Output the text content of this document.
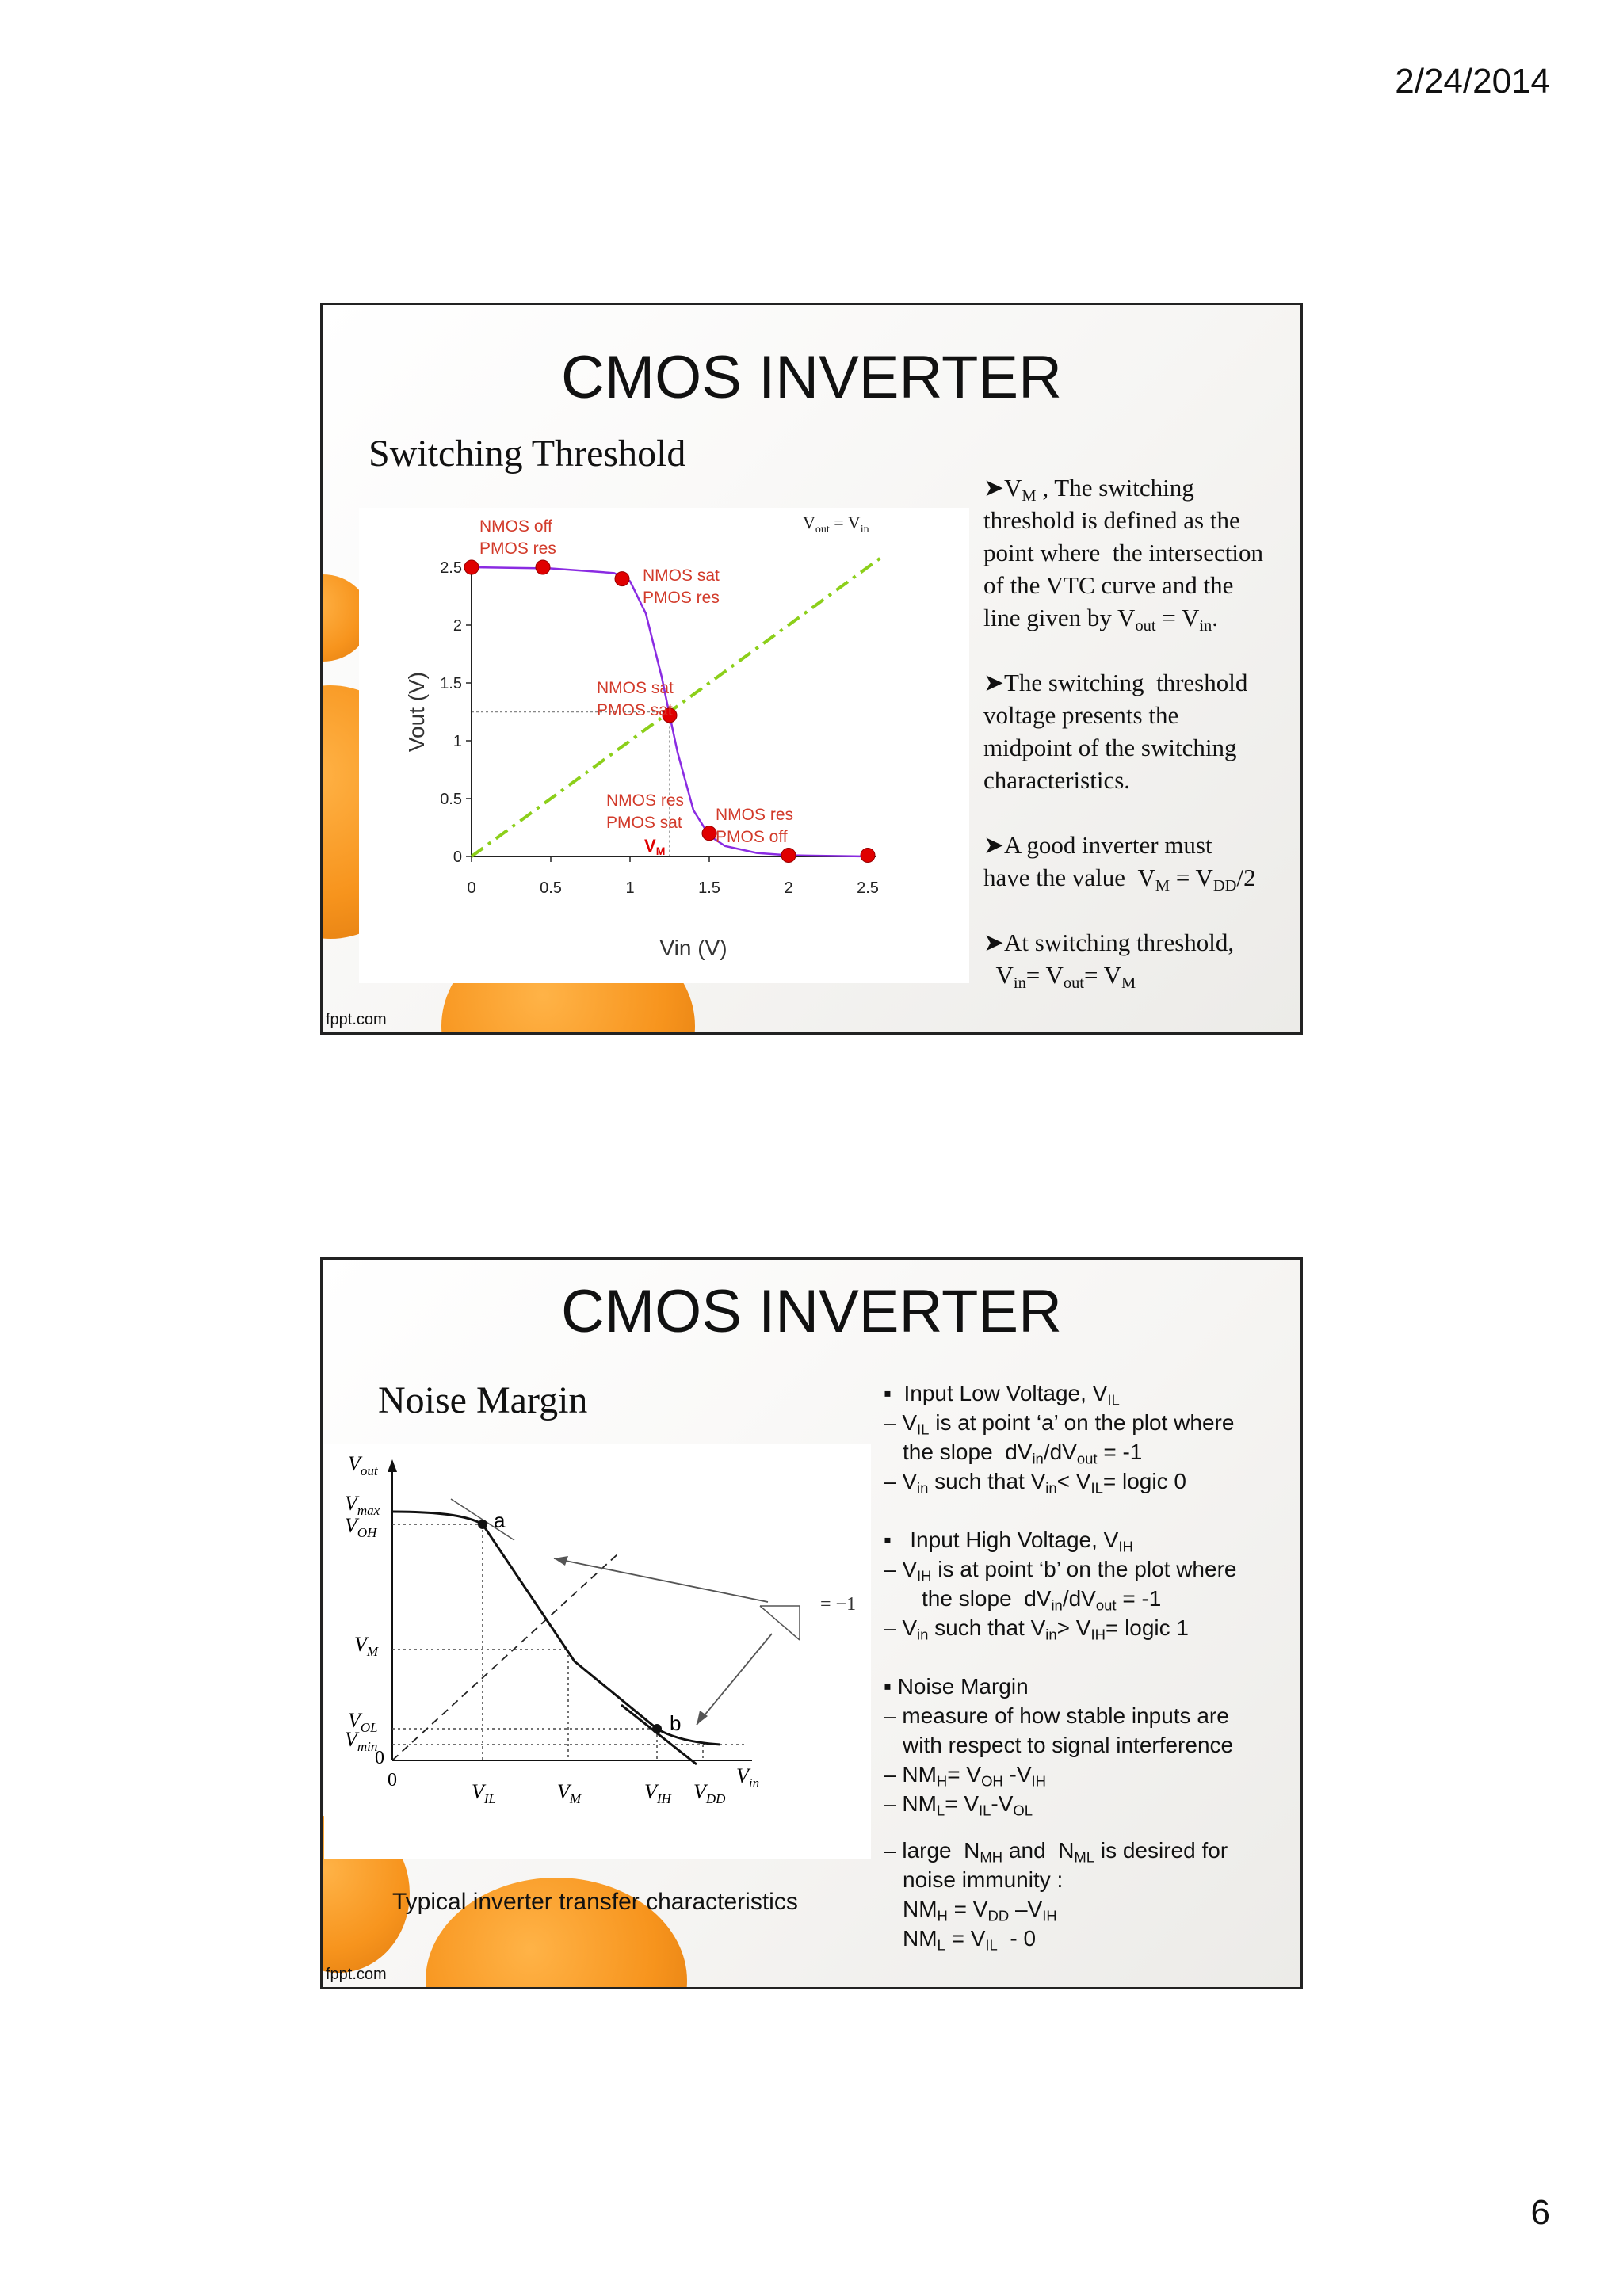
2/24/2014
CMOS INVERTER
Switching Threshold
0	0.5	1	1.5	2	2.5
0
0.5
1
1.5
2
2.5
Vin (V)
Vout (V)
VM
$V_{out} = V_{in}$
NMOS off
PMOS res
NMOS sat
PMOS res
NMOS sat
PMOS sat
NMOS res
PMOS sat NMOS res
PMOS off

$➤V_M$ , The switching

threshold is defined as the

point where  the intersection

of the VTC curve and the

line given by $V_{out} = V_{in}$.

➤The switching  threshold

voltage presents the

midpoint of the switching

characteristics.

➤A good inverter must

have the value  $V_M = V_{DD}/2$

➤At switching threshold,

$V_{in}= V_{out}= V_M$

fppt.com
CMOS INVERTER
Noise Margin
a
b
= −1
$V_{out}$
$V_{max}$
$V_{OH}$
$V_M$
$V_{OL}$
$V_{min}$
0
0	$V_{IL}$	$V_M$	$V_{IH}$ $V_{DD}$
$V_{in}$
Typical inverter transfer characteristics

▪  Input Low Voltage, $V_{IL}$

– $V_{IL}$ is at point ‘a’ on the plot where

the slope  $dV_{in}/dV_{out} = -1$

– $V_{in}$ such that $V_{in}< V_{IL}=$ logic 0

▪   Input High Voltage, $V_{IH}$

– $V_{IH}$ is at point ‘b’ on the plot where

the slope  $dV_{in}/dV_{out} = -1$

– $V_{in}$ such that $V_{in}> V_{IH}=$ logic 1

▪ Noise Margin

– measure of how stable inputs are

with respect to signal interference

– $NM_H= V_{OH}$ $-V_{IH}$

– $NM_L= V_{IL}-V_{OL}$

– large  $N_{MH}$ and  $N_{ML}$ is desired for

noise immunity :

$NM_H = V_{DD}$ $-V_{IH}$

$NM_L = V_{IL} - 0$

fppt.com
6
